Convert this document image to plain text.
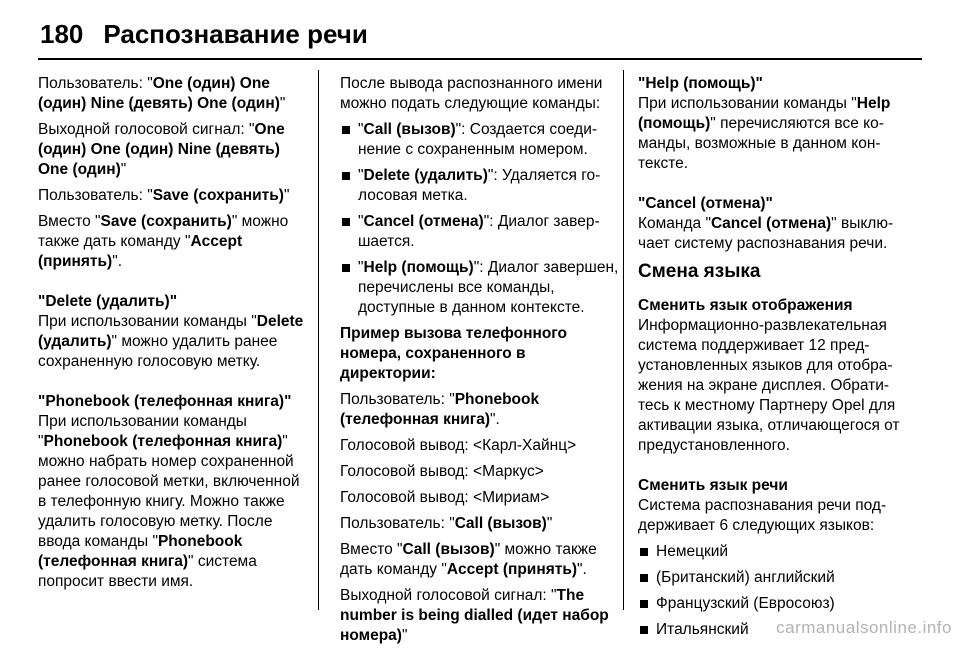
180 Распознавание речи

Пользователь: "One (один) One (один) Nine (девять) One (один)"

Выходной голосовой сигнал: "One (один) One (один) Nine (девять) One (один)"

Пользователь: "Save (сохранить)"

Вместо "Save (сохранить)" можно также дать команду "Accept (принять)".

"Delete (удалить)"

При использовании команды "Delete (удалить)" можно удалить ранее сохраненную голосовую метку.

"Phonebook (телефонная книга)"

При использовании команды "Phonebook (телефонная книга)" можно набрать номер сохраненной ранее голосовой метки, включенной в телефонную книгу. Можно также удалить голосовую метку. После ввода команды "Phonebook (телефонная книга)" система попросит ввести имя.

После вывода распознанного имени можно подать следующие команды:

"Call (вызов)": Создается соединение с сохраненным номером.
"Delete (удалить)": Удаляется голосовая метка.
"Cancel (отмена)": Диалог завершается.
"Help (помощь)": Диалог завершен, перечислены все команды, доступные в данном контексте.

Пример вызова телефонного номера, сохраненного в директории:

Пользователь: "Phonebook (телефонная книга)".

Голосовой вывод: <Карл-Хайнц>

Голосовой вывод: <Маркус>

Голосовой вывод: <Мириам>

Пользователь: "Call (вызов)"

Вместо "Call (вызов)" можно также дать команду "Accept (принять)".

Выходной голосовой сигнал: "The number is being dialled (идет набор номера)"

"Help (помощь)"

При использовании команды "Help (помощь)" перечисляются все команды, возможные в данном контексте.

"Cancel (отмена)"

Команда "Cancel (отмена)" выключает систему распознавания речи.

Смена языка
Сменить язык отображения

Информационно-развлекательная система поддерживает 12 предустановленных языков для отображения на экране дисплея. Обратитесь к местному Партнеру Opel для активации языка, отличающегося от предустановленного.

Сменить язык речи

Система распознавания речи поддерживает 6 следующих языков:

Немецкий
(Британский) английский
Французский (Евросоюз)
Итальянский	carmanualsonline.info
